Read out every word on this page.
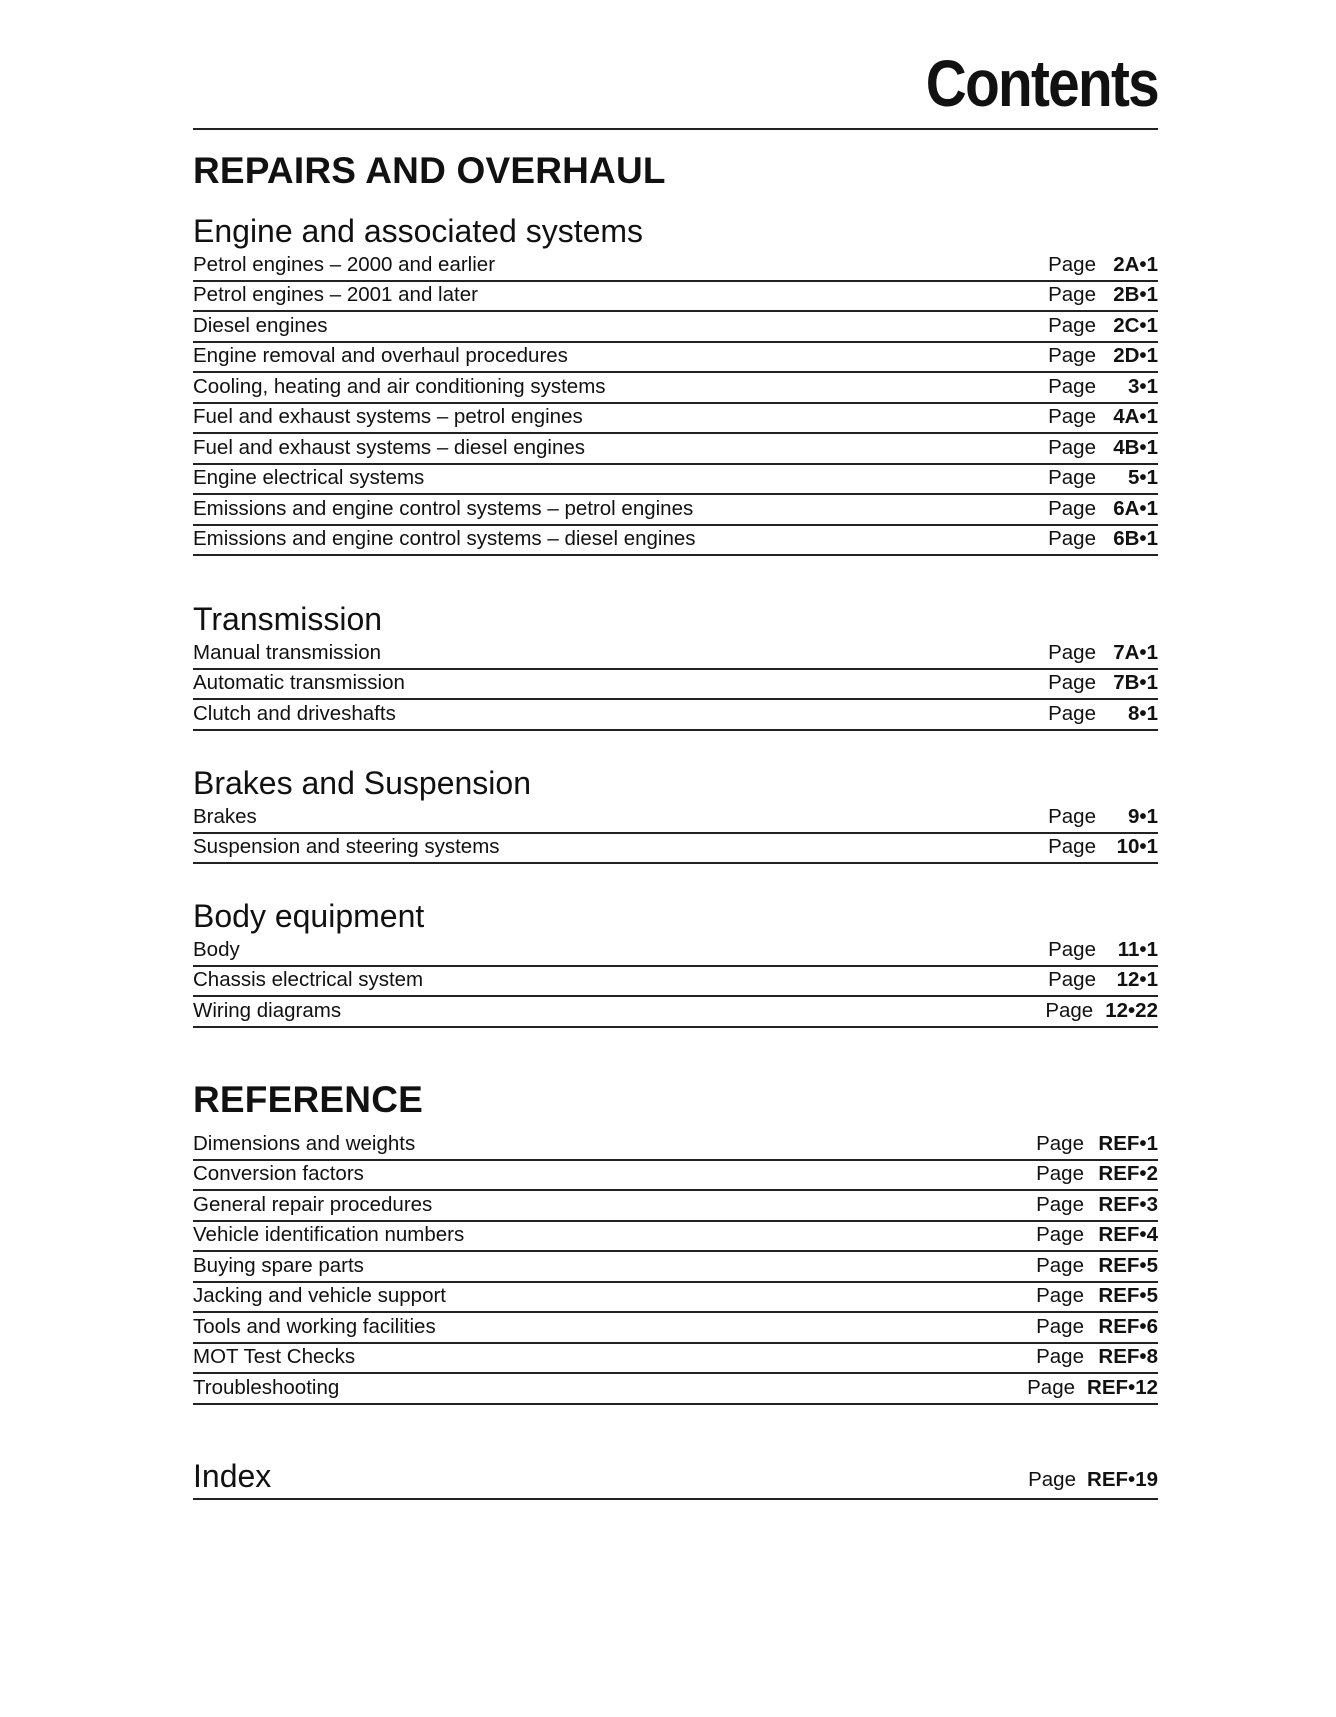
Contents
REPAIRS AND OVERHAUL
Engine and associated systems
Petrol engines – 2000 and earlier	Page 2A•1
Petrol engines – 2001 and later	Page 2B•1
Diesel engines	Page 2C•1
Engine removal and overhaul procedures	Page 2D•1
Cooling, heating and air conditioning systems	Page	3•1
Fuel and exhaust systems – petrol engines	Page 4A•1
Fuel and exhaust systems – diesel engines	Page 4B•1
Engine electrical systems	Page	5•1
Emissions and engine control systems – petrol engines	Page 6A•1
Emissions and engine control systems – diesel engines	Page 6B•1
Transmission
Manual transmission	Page 7A•1
Automatic transmission	Page 7B•1
Clutch and driveshafts	Page	8•1
Brakes and Suspension
Brakes	Page	9•1
Suspension and steering systems	Page	10•1
Body equipment
Body	Page	11•1
Chassis electrical system	Page	12•1
Wiring diagrams	Page 12•22
REFERENCE
Dimensions and weights	Page REF•1
Conversion factors	Page REF•2
General repair procedures	Page REF•3
Vehicle identification numbers	Page REF•4
Buying spare parts	Page REF•5
Jacking and vehicle support	Page REF•5
Tools and working facilities	Page REF•6
MOT Test Checks	Page REF•8
Troubleshooting	Page REF•12
Index	Page REF•19
